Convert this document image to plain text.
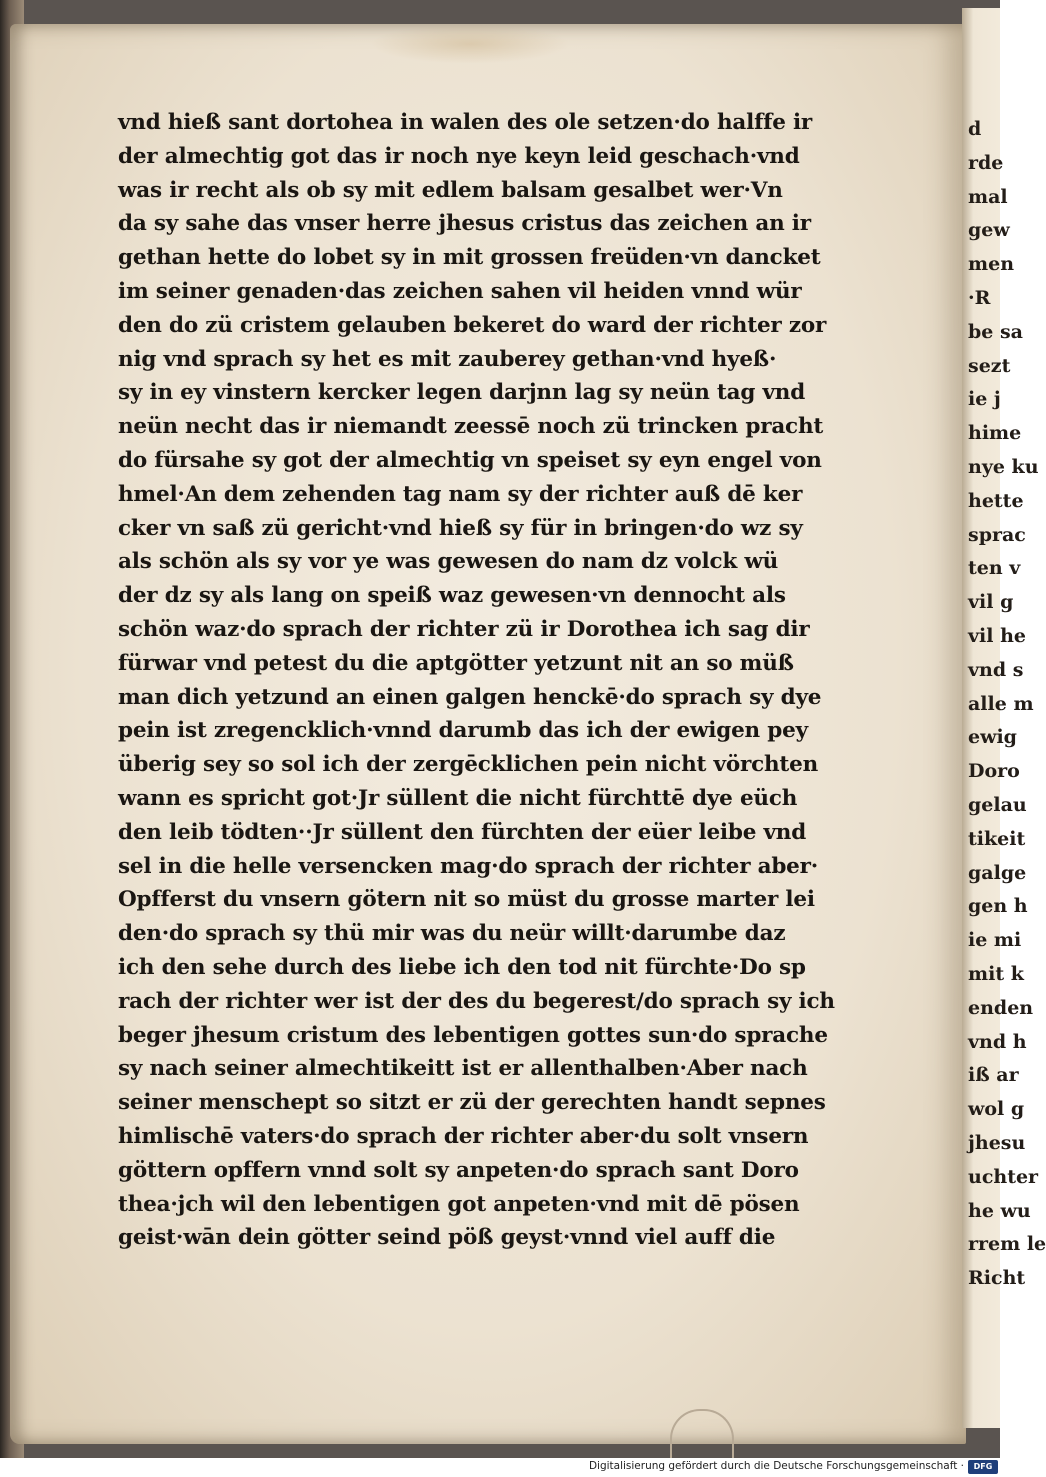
vnd hieß sant dortohea in walen des ole setzen·do halffe ir
der almechtig got das ir noch nye keyn leid geschach·vnd
was ir recht als ob sy mit edlem balsam gesalbet wer·Vn
da sy sahe das vnser herre jhesus cristus das zeichen an ir
gethan hette do lobet sy in mit grossen freüden·vn dancket
im seiner genaden·das zeichen sahen vil heiden vnnd wür
den do zü cristem gelauben bekeret do ward der richter zor
nig vnd sprach sy het es mit zauberey gethan·vnd hyeß·
sy in ey vinstern kercker legen darjnn lag sy neün tag vnd
neün necht das ir niemandt zeessē noch zü trincken pracht
do fürsahe sy got der almechtig vn speiset sy eyn engel von
hmel·An dem zehenden tag nam sy der richter auß dē ker
cker vn saß zü gericht·vnd hieß sy für in bringen·do wz sy
als schön als sy vor ye was gewesen do nam dz volck wü
der dz sy als lang on speiß waz gewesen·vn dennocht als
schön waz·do sprach der richter zü ir Dorothea ich sag dir
fürwar vnd petest du die aptgötter yetzunt nit an so müß
man dich yetzund an einen galgen henckē·do sprach sy dye
pein ist zregencklich·vnnd darumb das ich der ewigen pey
überig sey so sol ich der zergēcklichen pein nicht vörchten
wann es spricht got·Jr süllent die nicht fürchttē dye eüch
den leib tödten··Jr süllent den fürchten der eüer leibe vnd
sel in die helle versencken mag·do sprach der richter aber·
Opfferst du vnsern götern nit so müst du grosse marter lei
den·do sprach sy thü mir was du neür willt·darumbe daz
ich den sehe durch des liebe ich den tod nit fürchte·Do sp
rach der richter wer ist der des du begerest/do sprach sy ich
beger jhesum cristum des lebentigen gottes sun·do sprache
sy nach seiner almechtikeitt ist er allenthalben·Aber nach
seiner menschept so sitzt er zü der gerechten handt sepnes
himlischē vaters·do sprach der richter aber·du solt vnsern
göttern opffern vnnd solt sy anpeten·do sprach sant Doro
thea·jch wil den lebentigen got anpeten·vnd mit dē pösen
geist·wān dein götter seind pöß geyst·vnnd viel auff die
d
rde
mal
gew
men
·R
be sa
sezt
ie j
hime
nye ku
hette
sprac
ten v
vil g
vil he
vnd s
alle m
ewig
Doro
gelau
tikeit
galge
gen h
ie mi
mit k
enden
vnd h
iß ar
wol g
jhesu
uchter
he wu
rrem le
Richt
Digitalisierung gefördert durch die Deutsche Forschungsgemeinschaft ·	DFG
